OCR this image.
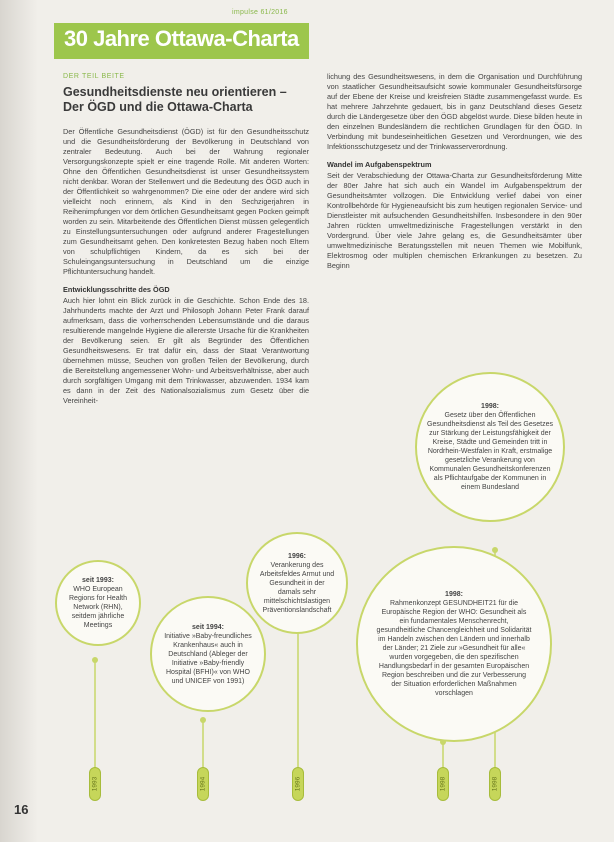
impulse 61/2016
30 Jahre Ottawa-Charta
DER TEIL BEITE
Gesundheitsdienste neu orientieren –
Der ÖGD und die Ottawa-Charta

Der Öffentliche Gesundheitsdienst (ÖGD) ist für den Gesundheitsschutz und die Gesundheitsförderung der Bevölkerung in Deutschland von zentraler Bedeutung. Auch bei der Wahrung regionaler Versorgungskonzepte spielt er eine tragende Rolle. Mit anderen Worten: Ohne den Öffentlichen Gesundheitsdienst ist unser Gesundheitssystem nicht denkbar. Woran der Stellenwert und die Bedeutung des ÖGD auch in der Öffentlichkeit so wahrgenommen? Die eine oder der andere wird sich vielleicht noch erinnern, als Kind in den Sechzigerjahren in Reihenimpfungen vor dem örtlichen Gesundheitsamt gegen Pocken geimpft worden zu sein. Mitarbeitende des Öffentlichen Dienst müssen gelegentlich zu Einstellungsuntersuchungen oder aufgrund anderer Fragestellungen zum Gesundheitsamt gehen. Den konkretesten Bezug haben noch Eltern von schulpflichtigen Kindern, da es sich bei der Schuleingangsuntersuchung in Deutschland um die einzige Pflichtuntersuchung handelt.

Entwicklungsschritte des ÖGD

Auch hier lohnt ein Blick zurück in die Geschichte. Schon Ende des 18. Jahrhunderts machte der Arzt und Philosoph Johann Peter Frank darauf aufmerksam, dass die vorherrschenden Lebensumstände und die daraus resultierende mangelnde Hygiene die allererste Ursache für die Krankheiten der Bevölkerung seien. Er gilt als Begründer des Öffentlichen Gesundheitswesens. Er trat dafür ein, dass der Staat Verantwortung übernehmen müsse, Seuchen von großen Teilen der Bevölkerung, durch die Bereitstellung angemessener Wohn- und Arbeitsverhältnisse, aber auch durch sorgfältigen Umgang mit dem Trinkwasser, abzuwenden. 1934 kam es dann in der Zeit des Nationalsozialismus zum Gesetz über die Vereinheit-

lichung des Gesundheitswesens, in dem die Organisation und Durchführung von staatlicher Gesundheitsaufsicht sowie kommunaler Gesundheitsfürsorge auf der Ebene der Kreise und kreisfreien Städte zusammengefasst wurde. Es hat mehrere Jahrzehnte gedauert, bis in ganz Deutschland dieses Gesetz durch die Ländergesetze über den ÖGD abgelöst wurde. Diese bilden heute in den einzelnen Bundesländern die rechtlichen Grundlagen für den ÖGD. In Verbindung mit bundeseinheitlichen Gesetzen und Verordnungen, wie des Infektionsschutzgesetz und der Trinkwasserverordnung.

Wandel im Aufgabenspektrum

Seit der Verabschiedung der Ottawa-Charta zur Gesundheitsförderung Mitte der 80er Jahre hat sich auch ein Wandel im Aufgabenspektrum der Gesundheitsämter vollzogen. Die Entwicklung verlief dabei von einer Kontrollbehörde für Hygieneaufsicht bis zum heutigen regionalen Service- und Dienstleister mit aufsuchenden Gesundheitshilfen. Insbesondere in den 90er Jahren rückten umweltmedizinische Fragestellungen verstärkt in den Vordergrund. Über viele Jahre gelang es, die Gesundheitsämter über umweltmedizinische Beratungsstellen mit neuen Themen wie Mobilfunk, Elektrosmog oder multiplen chemischen Erkrankungen zu besetzen. Zu Beginn

seit 1993:
WHO European Regions for Health Network (RHN), seitdem jährliche Meetings	seit 1994:
Initiative »Baby-freundliches Krankenhaus« auch in Deutschland (Ableger der Initiative »Baby-friendly Hospital (BFHI)« von WHO und UNICEF von 1991)
1996:
Verankerung des Arbeitsfeldes Armut und Gesundheit in der damals sehr mittelschichtslastigen Präventionslandschaft
1998:
Gesetz über den Öffentlichen Gesundheitsdienst als Teil des Gesetzes zur Stärkung der Leistungsfähigkeit der Kreise, Städte und Gemeinden tritt in Nordrhein-Westfalen in Kraft, erstmalige gesetzliche Verankerung von Kommunalen Gesundheitskonferenzen als Pflichtaufgabe der Kommunen in einem Bundesland
1998:
Rahmenkonzept GESUNDHEIT21 für die Europäische Region der WHO: Gesundheit als ein fundamentales Menschenrecht, gesundheitliche Chancengleichheit und Solidarität im Handeln zwischen den Ländern und innerhalb der Länder; 21 Ziele zur »Gesundheit für alle« wurden vorgegeben, die den spezifischen Handlungsbedarf in der gesamten Europäischen Region beschreiben und die zur Verbesserung der Situation erforderlichen Maßnahmen vorschlagen
1993	1994	1996	1998	1998
16
